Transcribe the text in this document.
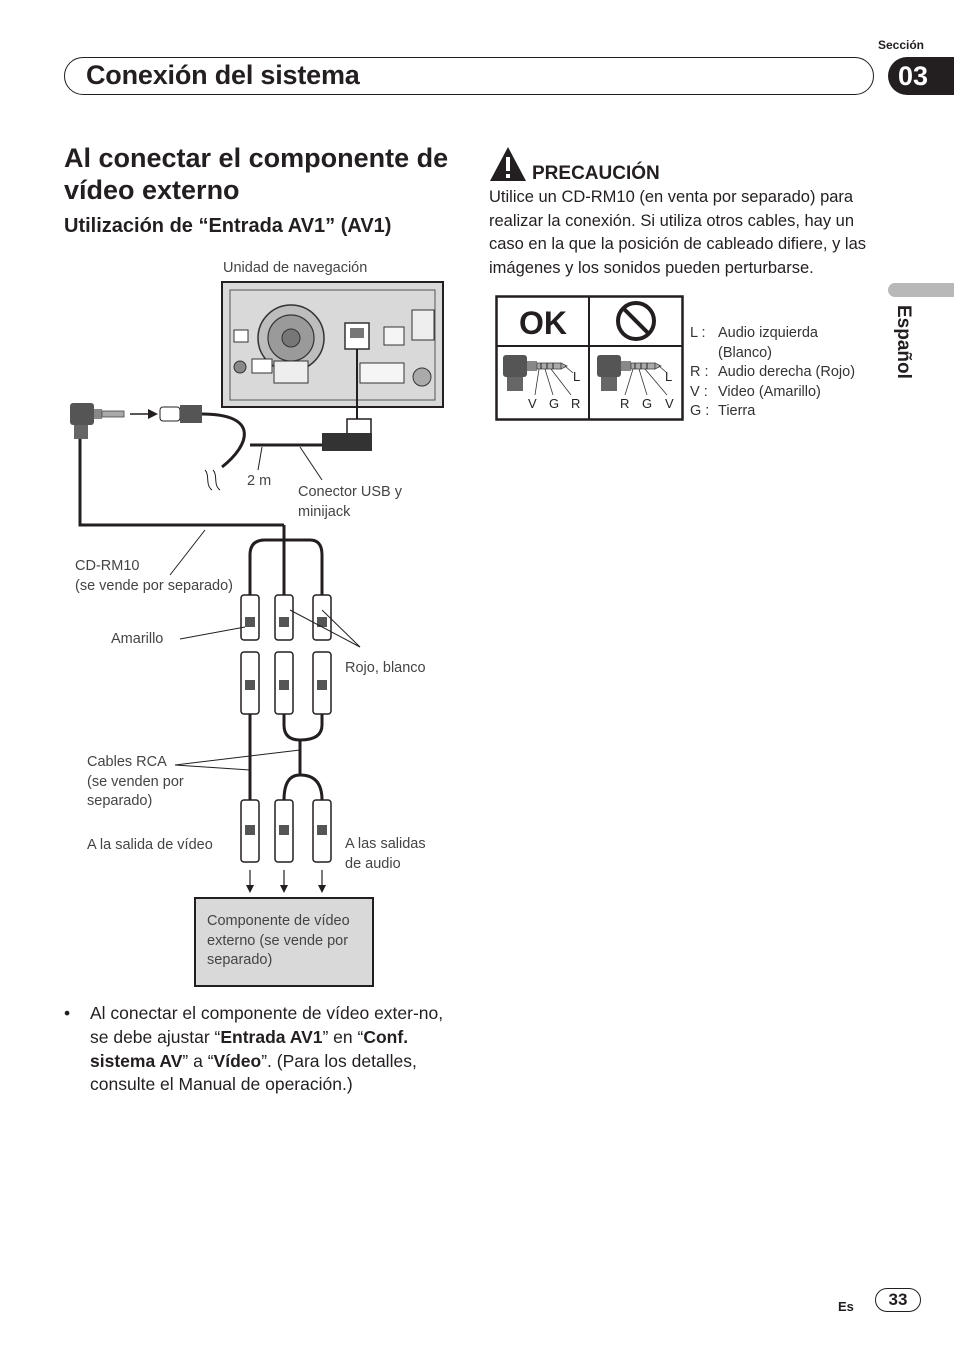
Sección
Conexión del sistema	03
Español
Al conectar el componente de vídeo externo
Utilización de “Entrada AV1” (AV1)
PRECAUCIÓN
Utilice un CD-RM10 (en venta por separado) para realizar la conexión. Si utiliza otros cables, hay un caso en la que la posición de cableado difiere, y las imágenes y los sonidos pueden perturbarse.
OK
L
V G R
L
R G V
L : Audio izquierda
(Blanco)
R : Audio derecha (Rojo)
V : Video (Amarillo)
G : Tierra
Unidad de navegación
2 m
Conector USB y
minijack
CD-RM10
(se vende por separado)
Amarillo
Rojo, blanco
Cables RCA
(se venden por
separado)
A la salida de vídeo	A las salidas
de audio
Componente de vídeo
externo (se vende por
separado)
• Al conectar el componente de vídeo exter-no, se debe ajustar “Entrada AV1” en “Conf. sistema AV” a “Vídeo”. (Para los detalles, consulte el Manual de operación.)
Es	33
